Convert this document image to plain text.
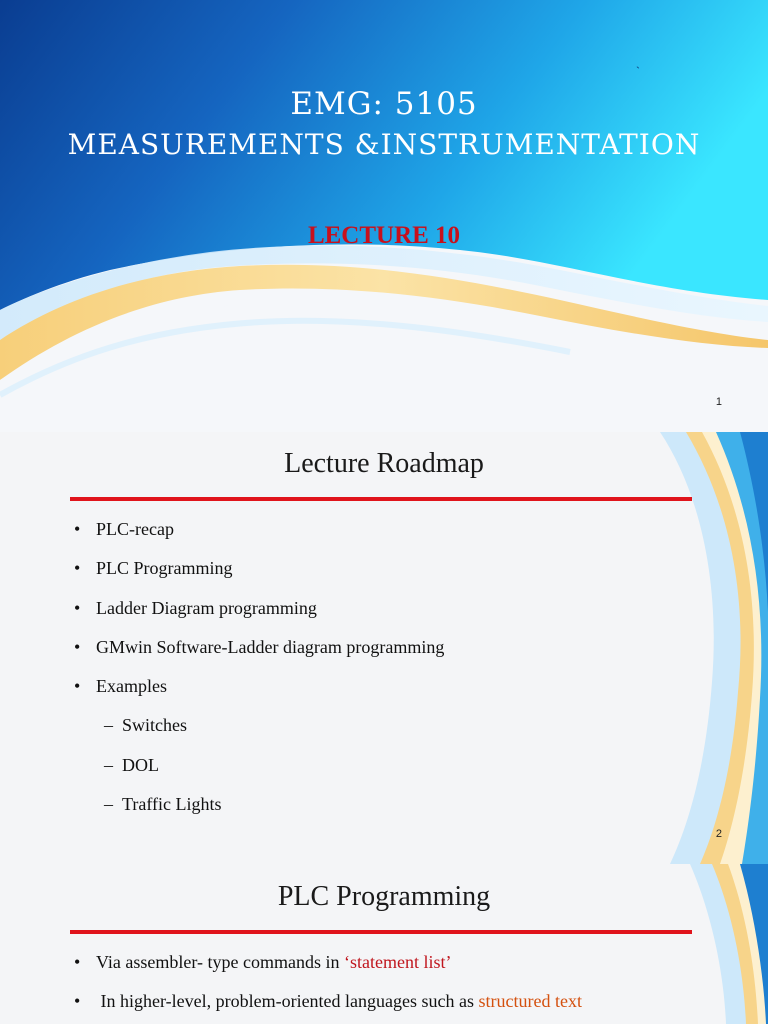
`
EMG: 5105
MEASUREMENTS &INSTRUMENTATION
LECTURE 10
1
Lecture Roadmap
• PLC-recap
• PLC Programming
• Ladder Diagram programming
• GMwin Software-Ladder diagram programming
• Examples
– Switches
– DOL
– Traffic Lights
2
PLC Programming
• Via assembler- type commands in ‘statement list’
• In higher-level, problem-oriented languages such as structured text
